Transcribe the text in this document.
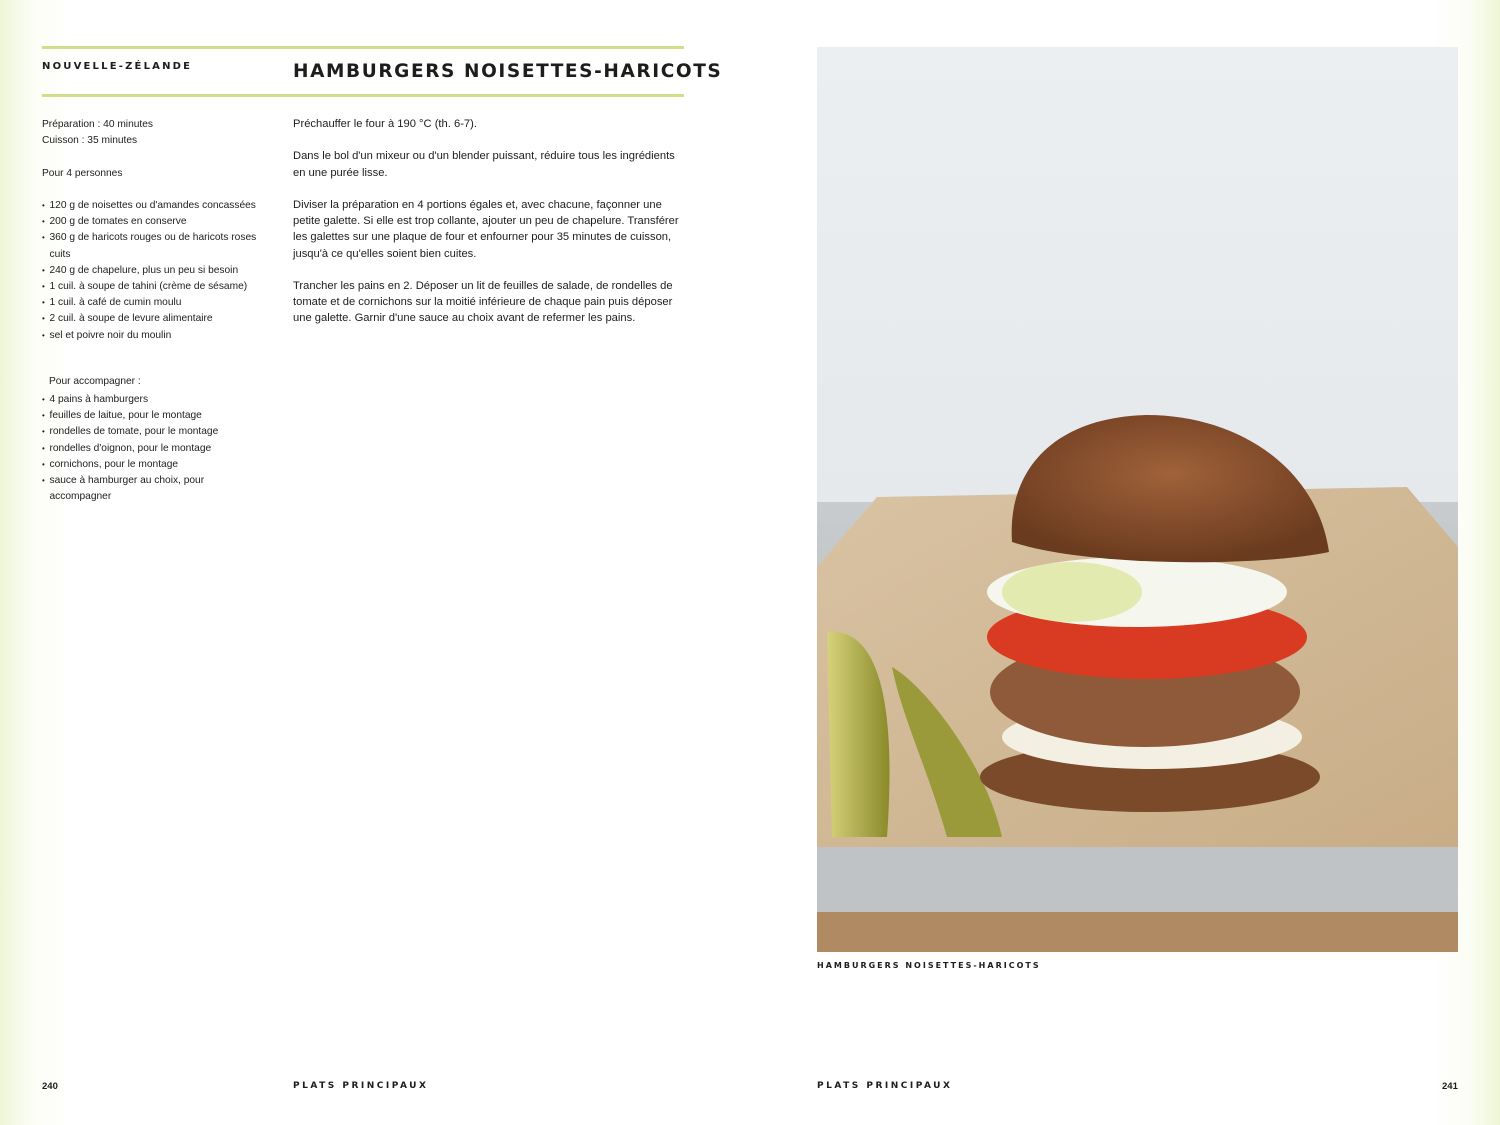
NOUVELLE-ZÉLANDE	HAMBURGERS NOISETTES-HARICOTS
Préparation : 40 minutes
Cuisson : 35 minutes
Pour 4 personnes
• 120 g de noisettes ou d'amandes concassées
• 200 g de tomates en conserve
• 360 g de haricots rouges ou de haricots roses cuits
• 240 g de chapelure, plus un peu si besoin
• 1 cuil. à soupe de tahini (crème de sésame)
• 1 cuil. à café de cumin moulu
• 2 cuil. à soupe de levure alimentaire
• sel et poivre noir du moulin
Pour accompagner :
• 4 pains à hamburgers
• feuilles de laitue, pour le montage
• rondelles de tomate, pour le montage
• rondelles d'oignon, pour le montage
• cornichons, pour le montage
• sauce à hamburger au choix, pour accompagner

Préchauffer le four à 190 °C (th. 6-7).

Dans le bol d'un mixeur ou d'un blender puissant, réduire tous les ingrédients en une purée lisse.

Diviser la préparation en 4 portions égales et, avec chacune, façonner une petite galette. Si elle est trop collante, ajouter un peu de chapelure. Transférer les galettes sur une plaque de four et enfourner pour 35 minutes de cuisson, jusqu'à ce qu'elles soient bien cuites.

Trancher les pains en 2. Déposer un lit de feuilles de salade, de rondelles de tomate et de cornichons sur la moitié inférieure de chaque pain puis déposer une galette. Garnir d'une sauce au choix avant de refermer les pains.

240	PLATS PRINCIPAUX
HAMBURGERS NOISETTES-HARICOTS
PLATS PRINCIPAUX	241
